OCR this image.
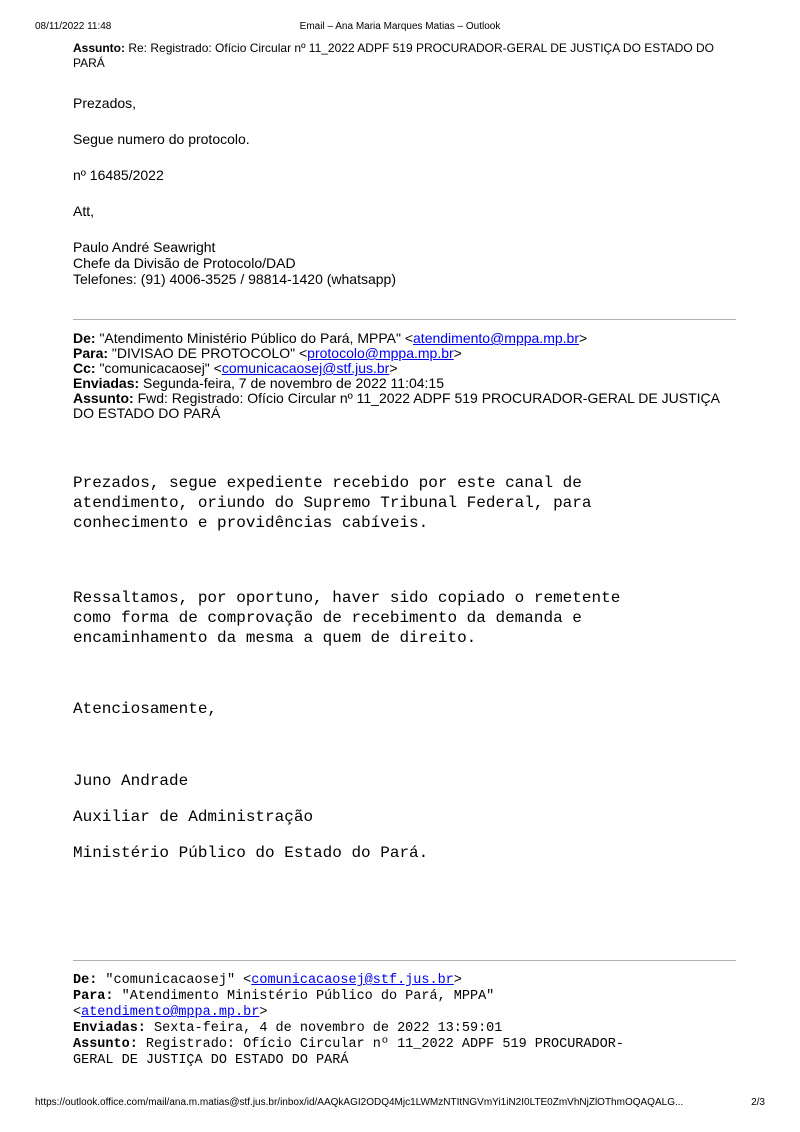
08/11/2022 11:48	Email – Ana Maria Marques Matias – Outlook
Assunto: Re: Registrado: Ofício Circular nº 11_2022 ADPF 519 PROCURADOR-GERAL DE JUSTIÇA DO ESTADO DO PARÁ
Prezados,
Segue numero do protocolo.
nº 16485/2022
Att,
Paulo André Seawright
Chefe da Divisão de Protocolo/DAD
Telefones: (91) 4006-3525 / 98814-1420 (whatsapp)
De: "Atendimento Ministério Público do Pará, MPPA" <atendimento@mppa.mp.br>
Para: "DIVISAO DE PROTOCOLO" <protocolo@mppa.mp.br>
Cc: "comunicacaosej" <comunicacaosej@stf.jus.br>
Enviadas: Segunda-feira, 7 de novembro de 2022 11:04:15
Assunto: Fwd: Registrado: Ofício Circular nº 11_2022 ADPF 519 PROCURADOR-GERAL DE JUSTIÇA DO ESTADO DO PARÁ
Prezados, segue expediente recebido por este canal de
atendimento, oriundo do Supremo Tribunal Federal, para
conhecimento e providências cabíveis.
Ressaltamos, por oportuno, haver sido copiado o remetente
como forma de comprovação de recebimento da demanda e
encaminhamento da mesma a quem de direito.
Atenciosamente,
Juno Andrade
Auxiliar de Administração
Ministério Público do Estado do Pará.
De: "comunicacaosej" <comunicacaosej@stf.jus.br>
Para: "Atendimento Ministério Público do Pará, MPPA"
<atendimento@mppa.mp.br>
Enviadas: Sexta-feira, 4 de novembro de 2022 13:59:01
Assunto: Registrado: Ofício Circular nº 11_2022 ADPF 519 PROCURADOR-
GERAL DE JUSTIÇA DO ESTADO DO PARÁ
https://outlook.office.com/mail/ana.m.matias@stf.jus.br/inbox/id/AAQkAGI2ODQ4Mjc1LWMzNTItNGVmYi1iN2I0LTE0ZmVhNjZlOThmOQAQALG...	2/3
